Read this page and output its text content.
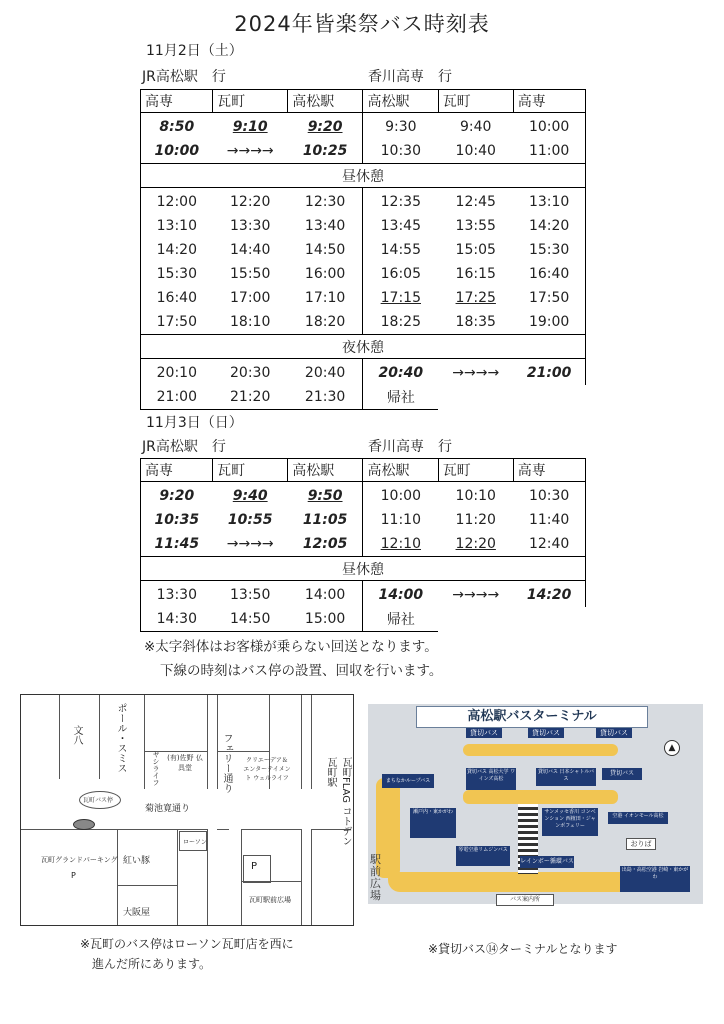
2024年皆楽祭バス時刻表
11月2日（土）
JR高松駅　行	香川高専　行
高専	瓦町	高松駅	高松駅	瓦町	高専
8:50	9:10	9:20	9:30	9:40	10:00
10:00	→→→→	10:25	10:30	10:40	11:00
昼休憩					
12:00	12:20	12:30	12:35	12:45	13:10
13:10	13:30	13:40	13:45	13:55	14:20
14:20	14:40	14:50	14:55	15:05	15:30
15:30	15:50	16:00	16:05	16:15	16:40
16:40	17:00	17:10	17:15	17:25	17:50
17:50	18:10	18:20	18:25	18:35	19:00
夜休憩					
20:10	20:30	20:40	20:40	→→→→	21:00
21:00	21:20	21:30	帰社		
11月3日（日）
JR高松駅　行	香川高専　行
高専	瓦町	高松駅	高松駅	瓦町	高専
9:20	9:40	9:50	10:00	10:10	10:30
10:35	10:55	11:05	11:10	11:20	11:40
11:45	→→→→	12:05	12:10	12:20	12:40
昼休憩					
13:30	13:50	14:00	14:00	→→→→	14:20
14:30	14:50	15:00	帰社		
※太字斜体はお客様が乗らない回送となります。
下線の時刻はバス停の設置、回収を行います。
文八	ポール・スミス	ヤシライフ	(有)佐野 仏具堂	フェリー通り	クリエーデア＆ エンターテイメント ウェルライフ	瓦町FLAG コトデン瓦町駅
瓦町バス停
菊池寛通り
ローソン
瓦町グランドパーキング
P
紅い豚
大阪屋
P
瓦町駅前広場
※瓦町のバス停はローソン瓦町店を西に
進んだ所にあります。
高松駅バスターミナル
貸切バス	貸切バス	貸切バス
まちなかループバス
貸切バス 高松大学 ワインズ高松
貸切バス 日本シャトルバス
貸切バス
琴電空港リムジンバス
瀬戸内・東かがわ
レインボー循環バス
サンメッセ香川 コンベンション 西植田・ジャンボフェリー
空港 イオンモール高松
出島・高松空港 岩崎・東かがわ
おりば
▲
駅前広場	バス案内所
※貸切バス⑭ターミナルとなります
